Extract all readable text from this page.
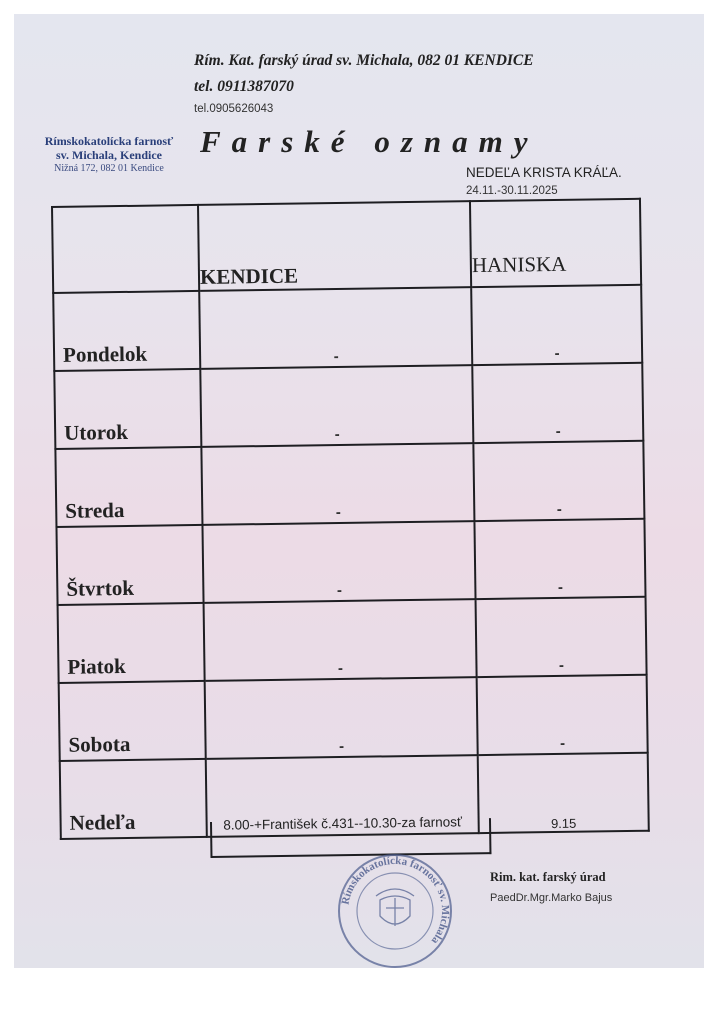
Rím. Kat. farský úrad sv. Michala, 082 01 KENDICE
tel. 0911387070
tel.0905626043
Rímskokatolícka farnosť
sv. Michala, Kendice
Nižná 172, 082 01 Kendice
Farské oznamy
NEDEĽA KRISTA KRÁĽA.
24.11.-30.11.2025
	KENDICE	HANISKA

Pondelok	-	-

Utorok	-	-

Streda	-	-

Štvrtok	-	-

Piatok	-	-

Sobota	-	-

Nedeľa	8.00-+František č.431--10.30-za farnosť	9.15
Rímskokatolícka farnosť sv. Michala
Rim. kat. farský úrad
PaedDr.Mgr.Marko Bajus
